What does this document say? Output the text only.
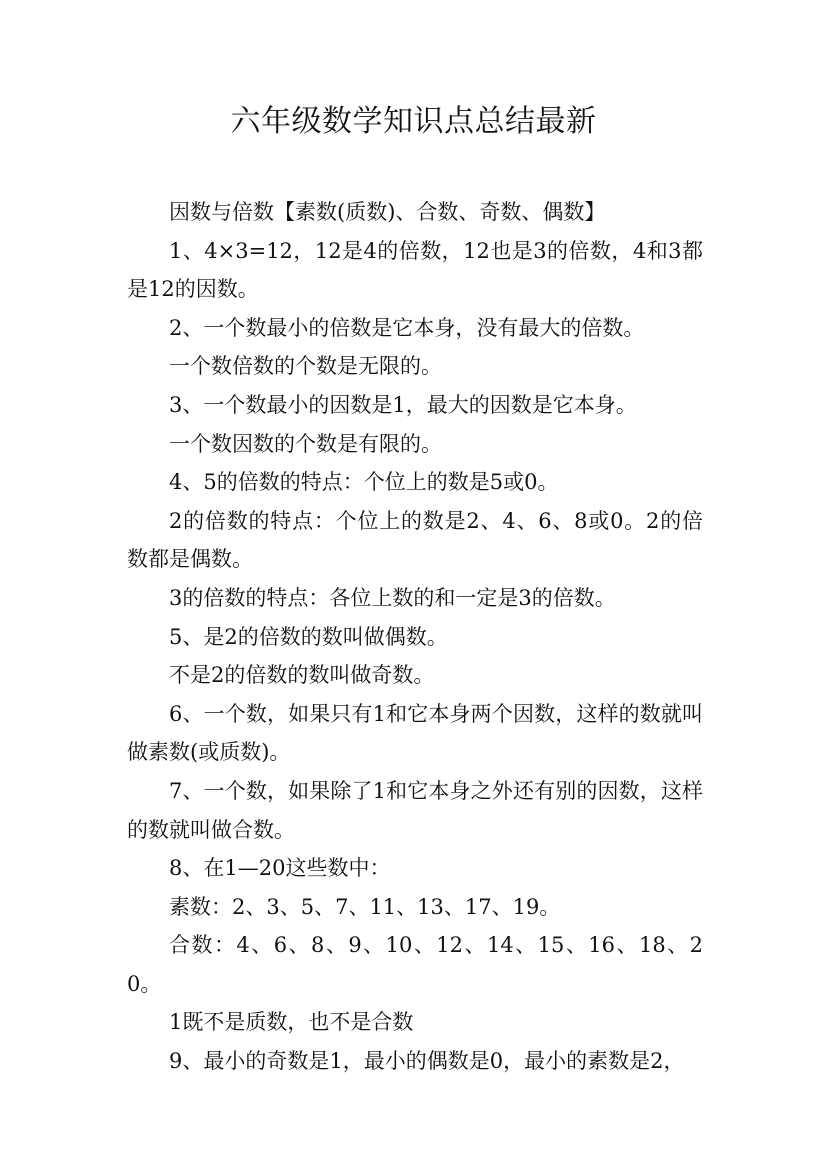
六年级数学知识点总结最新

因数与倍数【素数(质数)、合数、奇数、偶数】

1、4×3=12，12是4的倍数，12也是3的倍数，4和3都是12的因数。

2、一个数最小的倍数是它本身，没有最大的倍数。

一个数倍数的个数是无限的。

3、一个数最小的因数是1，最大的因数是它本身。

一个数因数的个数是有限的。

4、5的倍数的特点：个位上的数是5或0。

2的倍数的特点：个位上的数是2、4、6、8或0。2的倍数都是偶数。

3的倍数的特点：各位上数的和一定是3的倍数。

5、是2的倍数的数叫做偶数。

不是2的倍数的数叫做奇数。

6、一个数，如果只有1和它本身两个因数，这样的数就叫做素数(或质数)。

7、一个数，如果除了1和它本身之外还有别的因数，这样的数就叫做合数。

8、在1—20这些数中：

素数：2、3、5、7、11、13、17、19。

合数：4、6、8、9、10、12、14、15、16、18、20。

1既不是质数，也不是合数

9、最小的奇数是1，最小的偶数是0，最小的素数是2，
